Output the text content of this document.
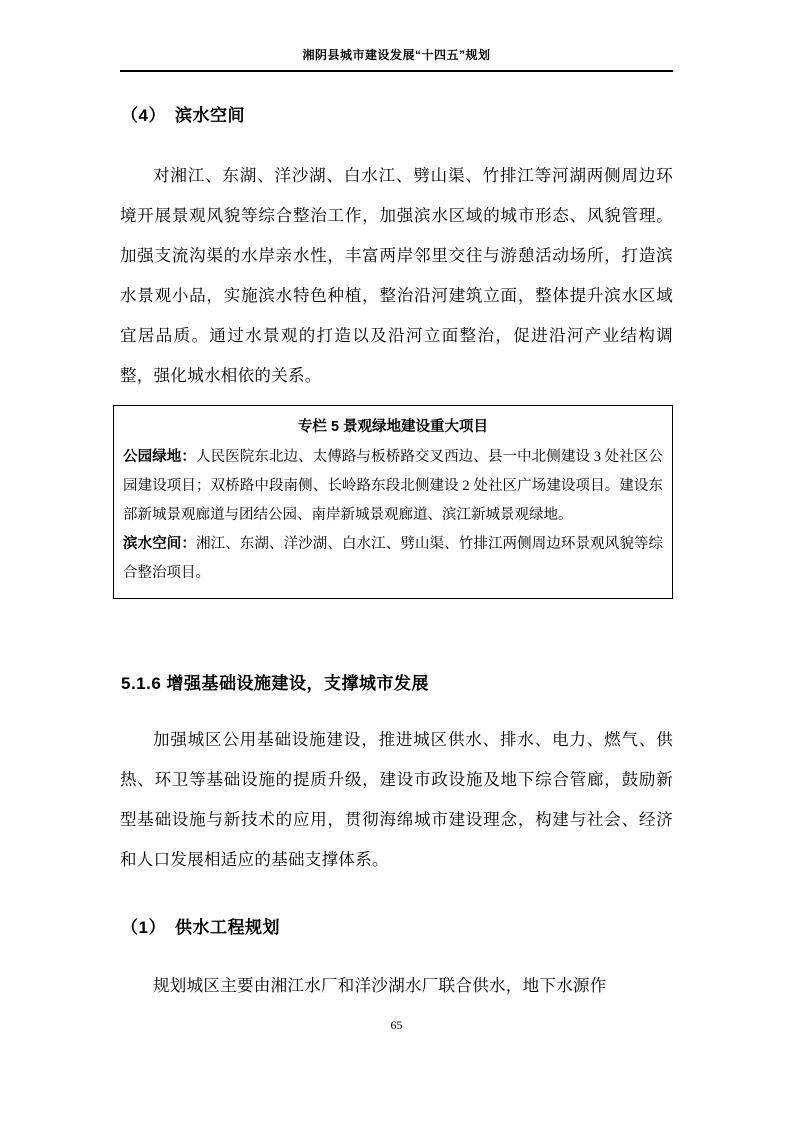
湘阴县城市建设发展“十四五”规划
（4）　滨水空间

对湘江、东湖、洋沙湖、白水江、劈山渠、竹排江等河湖两侧周边环境开展景观风貌等综合整治工作，加强滨水区域的城市形态、风貌管理。加强支流沟渠的水岸亲水性，丰富两岸邻里交往与游憩活动场所，打造滨水景观小品，实施滨水特色种植，整治沿河建筑立面，整体提升滨水区域宜居品质。通过水景观的打造以及沿河立面整治，促进沿河产业结构调整，强化城水相依的关系。

专栏 5 景观绿地建设重大项目

公园绿地：人民医院东北边、太傅路与板桥路交叉西边、县一中北侧建设 3 处社区公园建设项目；双桥路中段南侧、长岭路东段北侧建设 2 处社区广场建设项目。建设东部新城景观廊道与团结公园、南岸新城景观廊道、滨江新城景观绿地。

滨水空间：湘江、东湖、洋沙湖、白水江、劈山渠、竹排江两侧周边环景观风貌等综合整治项目。

5.1.6 增强基础设施建设，支撑城市发展

加强城区公用基础设施建设，推进城区供水、排水、电力、燃气、供热、环卫等基础设施的提质升级，建设市政设施及地下综合管廊，鼓励新型基础设施与新技术的应用，贯彻海绵城市建设理念，构建与社会、经济和人口发展相适应的基础支撑体系。

（1）　供水工程规划

规划城区主要由湘江水厂和洋沙湖水厂联合供水，地下水源作

65
